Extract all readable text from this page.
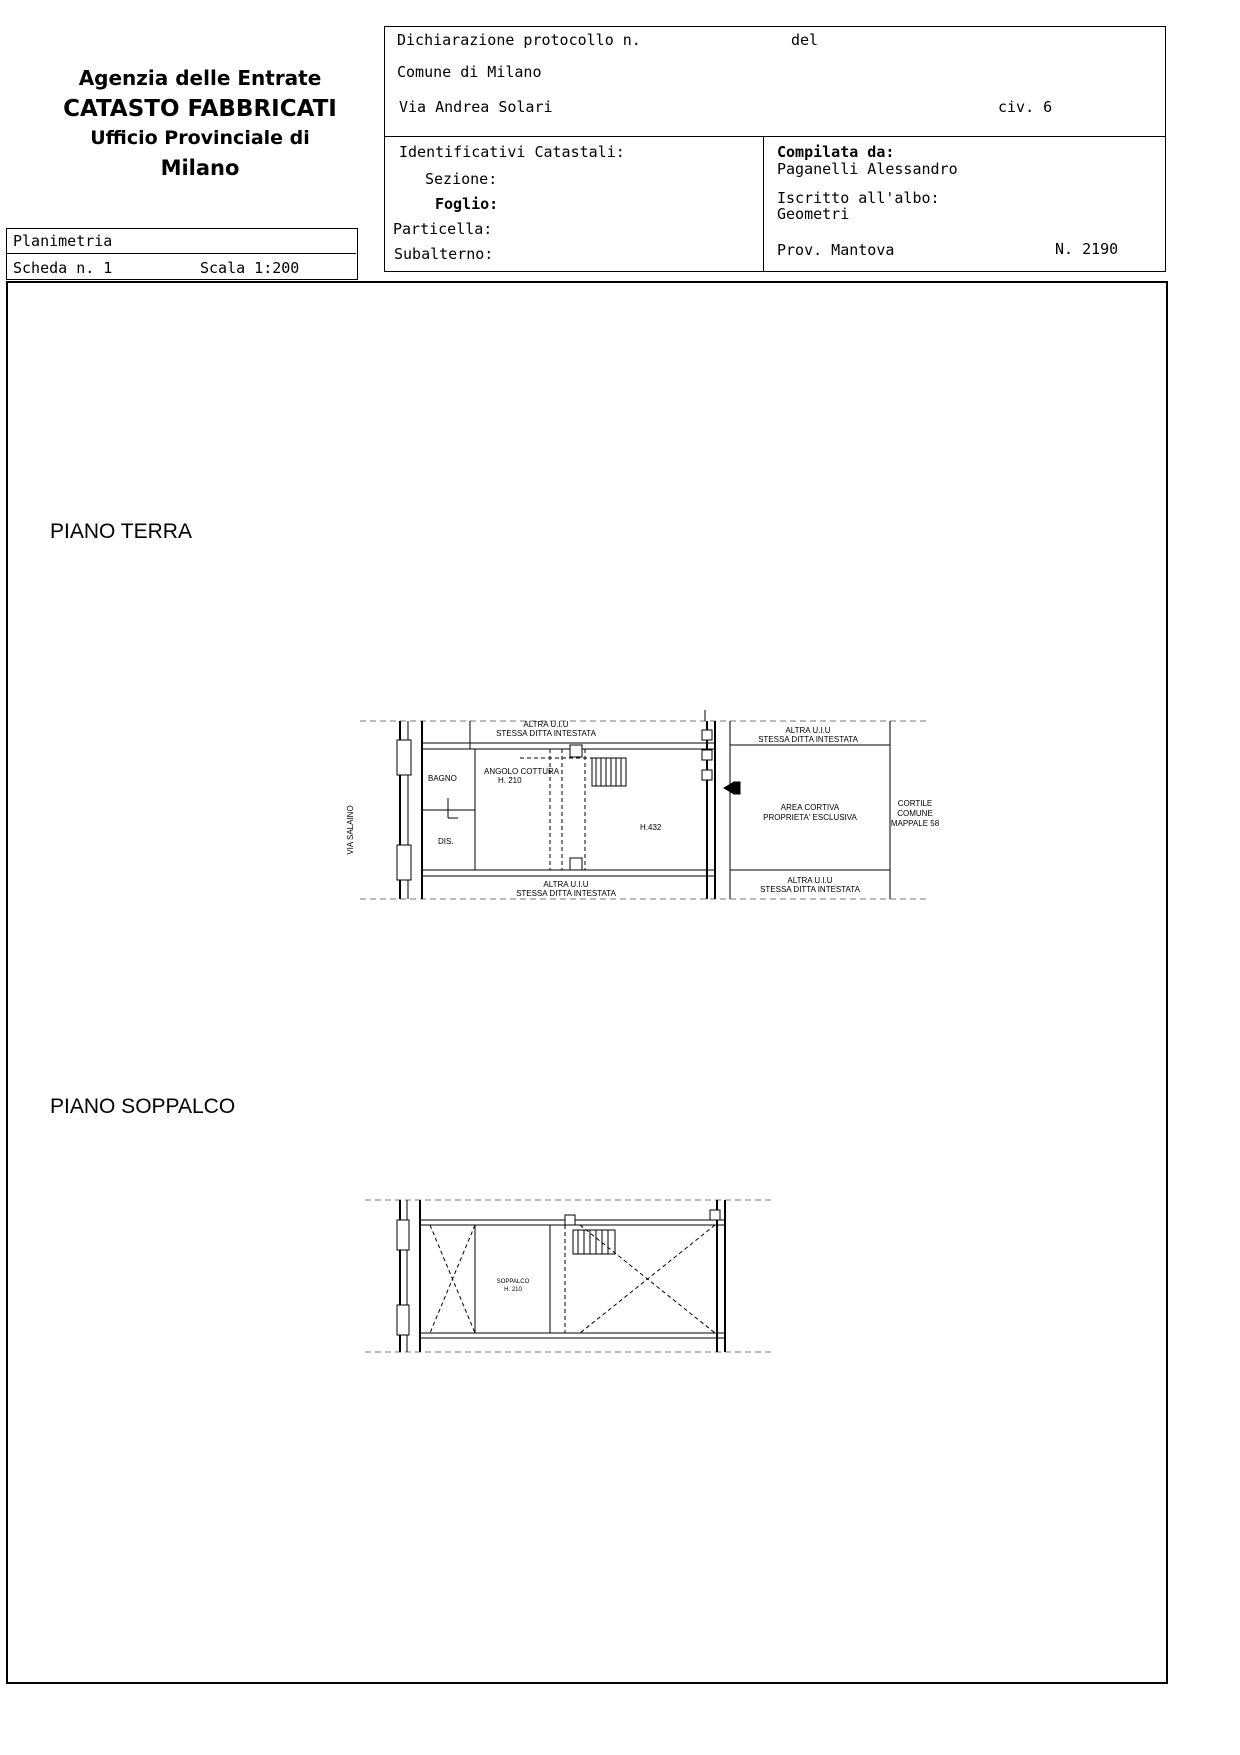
Agenzia delle Entrate
CATASTO FABBRICATI
Ufficio Provinciale di
Milano
Planimetria
Scheda n. 1	Scala 1:200
Dichiarazione protocollo n.	del
Comune di Milano
Via Andrea Solari	civ. 6
Identificativi Catastali:
Sezione:
Foglio:
Particella:
Subalterno:
Compilata da:
Paganelli Alessandro
Iscritto all'albo:
Geometri
Prov. Mantova	N. 2190
PIANO TERRA
PIANO SOPPALCO
ALTRA U.I.U
STESSA DITTA INTESTATA	ALTRA U.I.U
STESSA DITTA INTESTATA
BAGNO
ANGOLO COTTURA
H. 210
H.432
DIS.
VIA SALAINO	AREA CORTIVA
PROPRIETA' ESCLUSIVA
CORTILE
COMUNE
MAPPALE 58
ALTRA U.I.U
STESSA DITTA INTESTATA
ALTRA U.I.U
STESSA DITTA INTESTATA
SOPPALCO
H. 210
